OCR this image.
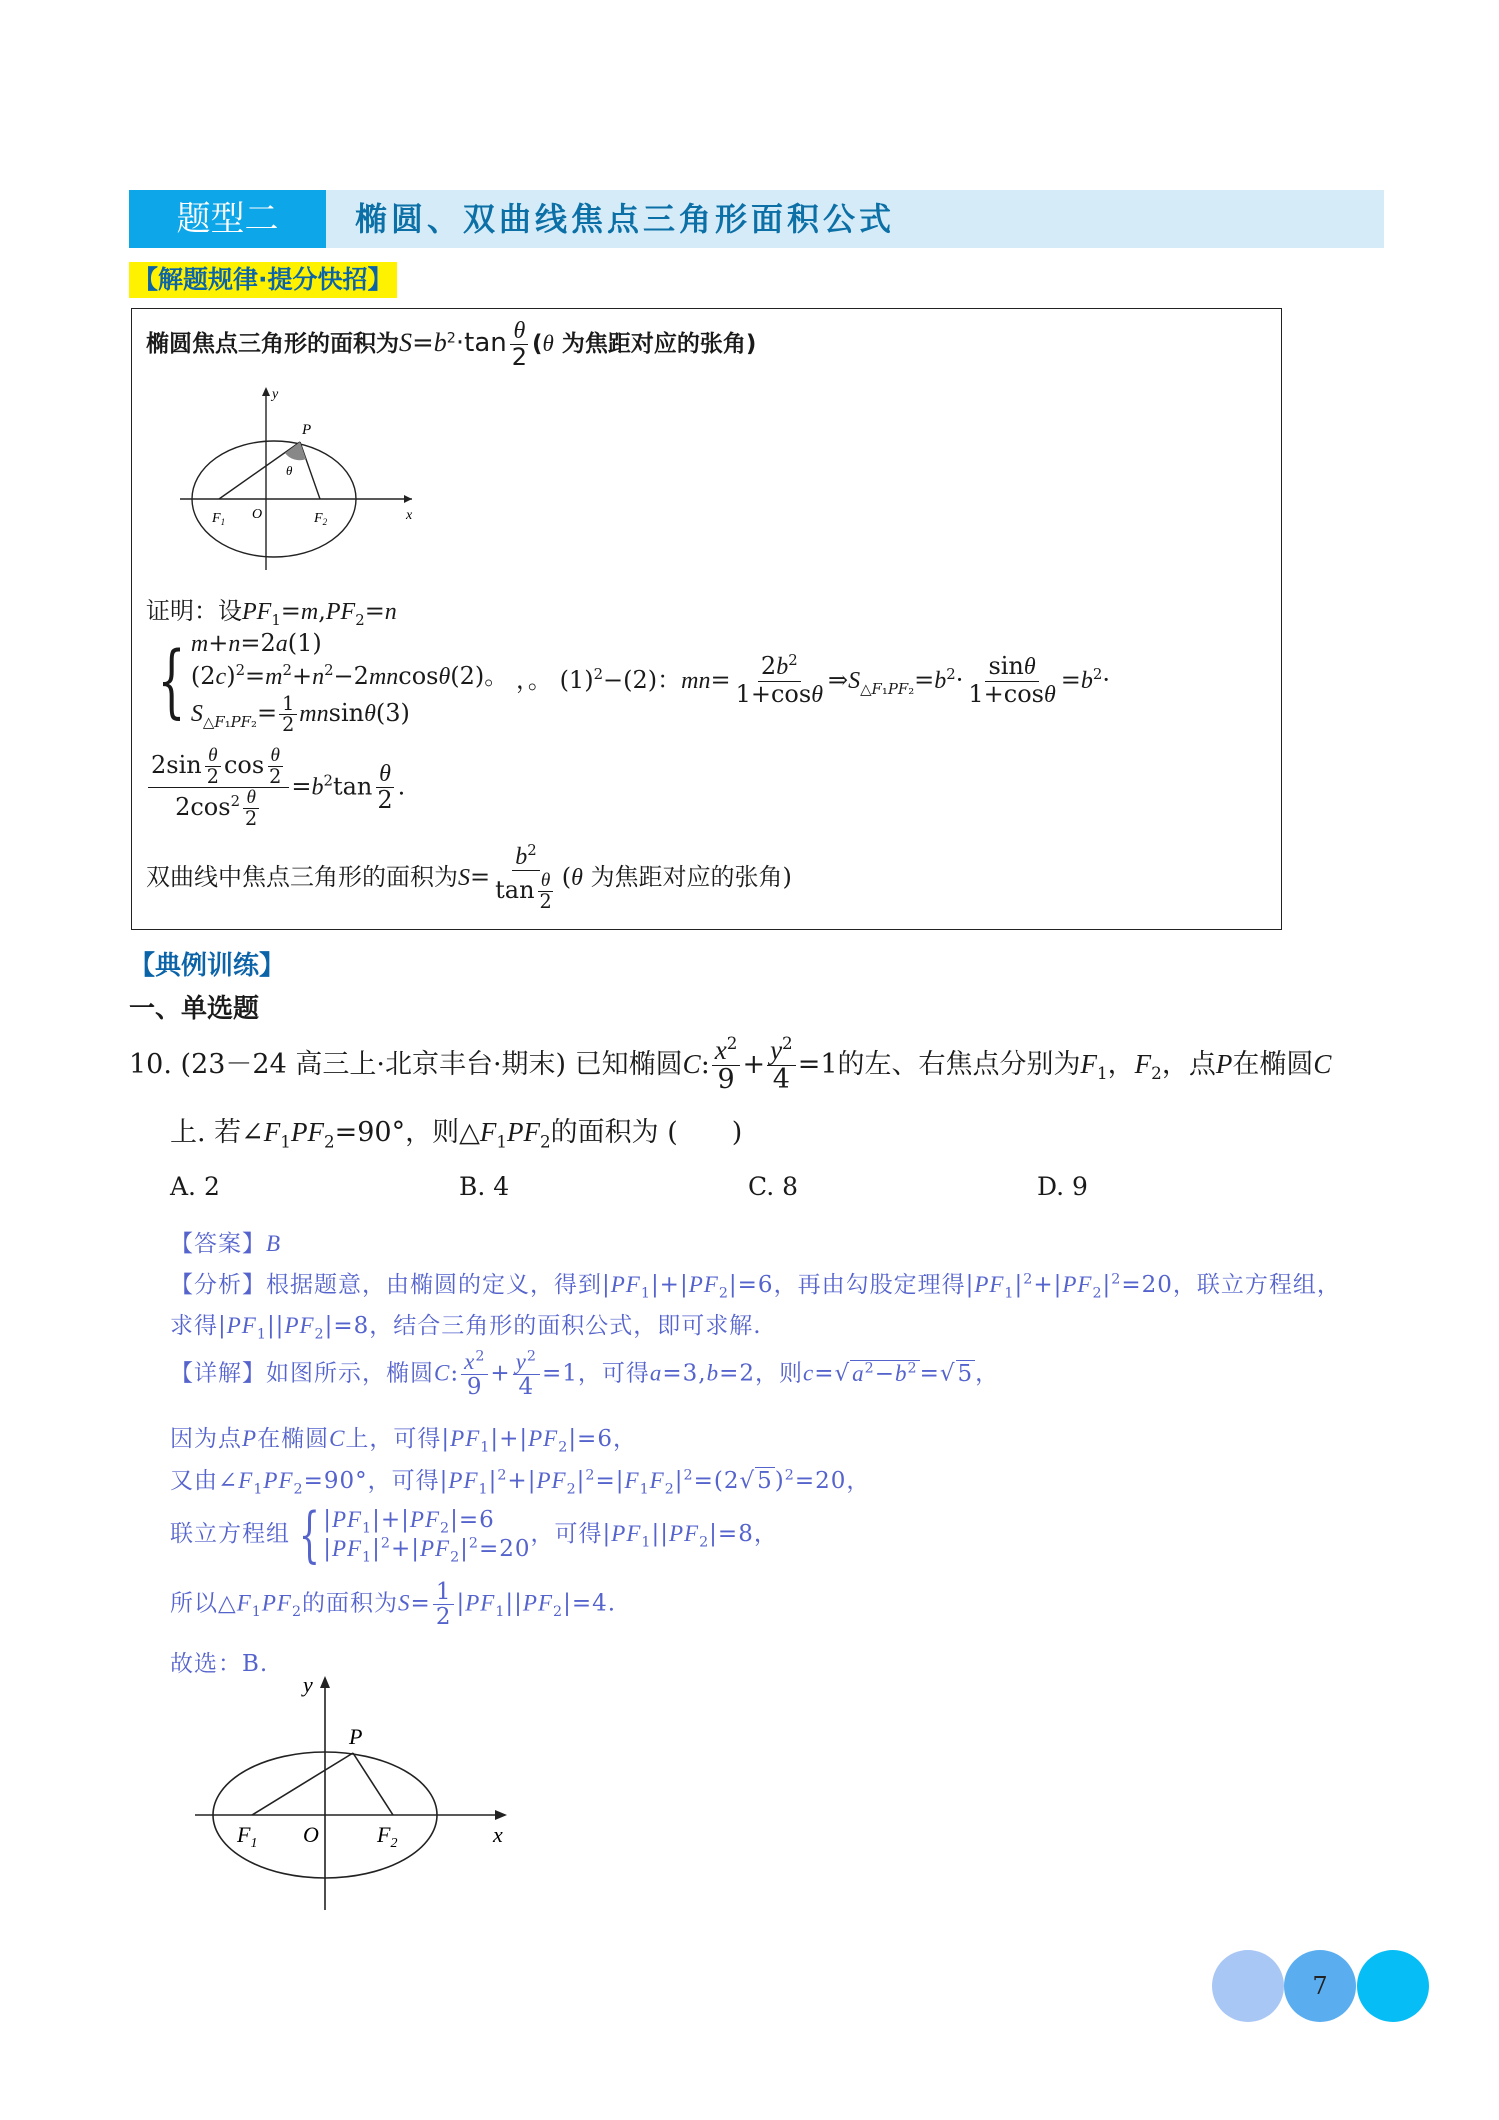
题型二	椭圆、双曲线焦点三角形面积公式
【解题规律·提分快招】
椭圆焦点三角形的面积为$S=b^2\cdot\tan \frac{\theta}{2} (\theta$ 为焦距对应的张角)
x
y
P
θ
O
$F_1$	$F_2$
证明：设$PF_1=m,PF_2=n$
{ m+n=2a(1)
$(2c)^2=m^2+n^2-2mncos\theta(2)$。
$S_{\triangle F_1PF_2}= \frac{1}{2} mnsin\theta(3)$
，。 $(1)^2-(2)$：$mn= \frac{2b^2}{1+\cos\theta}$ $\Rightarrow S_{\triangle F_1PF_2}=b^2\cdot \frac{\sin\theta}{1+\cos\theta} =b^2\cdot$
$\frac{2\sin \frac{\theta}{2} \cos \frac{\theta}{2}}{2\cos^2 \frac{\theta}{2}} =b^2\tan \frac{\theta}{2}$ .
双曲线中焦点三角形的面积为$S= \frac{b^2}{\tan \frac{\theta}{2}} (\theta$ 为焦距对应的张角)
【典例训练】
一、单选题
10. (23－24 高三上·北京丰台·期末) 已知椭圆C: $\frac{x^2}{9} + \frac{y^2}{4} =1$的左、右焦点分别为$F_1$，$F_2$，点P在椭圆C
上. 若$\angle F_1PF_2=90^\circ$，则$\triangle F_1PF_2$的面积为 (　　)
A. 2	B. 4	C. 8	D. 9
【答案】B
【分析】根据题意，由椭圆的定义，得到$|PF_1|+|PF_2|=6$，再由勾股定理得$|PF_1|^2+|PF_2|^2=20$，联立方程组，
求得$|PF_1||PF_2|=8$，结合三角形的面积公式，即可求解.
【详解】如图所示，椭圆C: $\frac{x^2}{9} + \frac{y^2}{4} =1$，可得a=3,b=2，则$c=√a^2-b^2=√5$，
因为点P在椭圆C上，可得$|PF_1|+|PF_2|=6$，
又由$\angle F_1PF_2=90^\circ$，可得$|PF_1|^2+|PF_2|^2=|F_1F_2|^2=(2√5)^2=20$，
联立方程组 { $|PF_1|+|PF_2|=6$
$|PF_1|^2+|PF_2|^2=20$
，可得$|PF_1||PF_2|=8$，
所以$\triangle F_1PF_2$的面积为$S= \frac{1}{2} |PF_1||PF_2|=4$.
故选：B.
y
P
O	x
$F_1$	$F_2$
7
